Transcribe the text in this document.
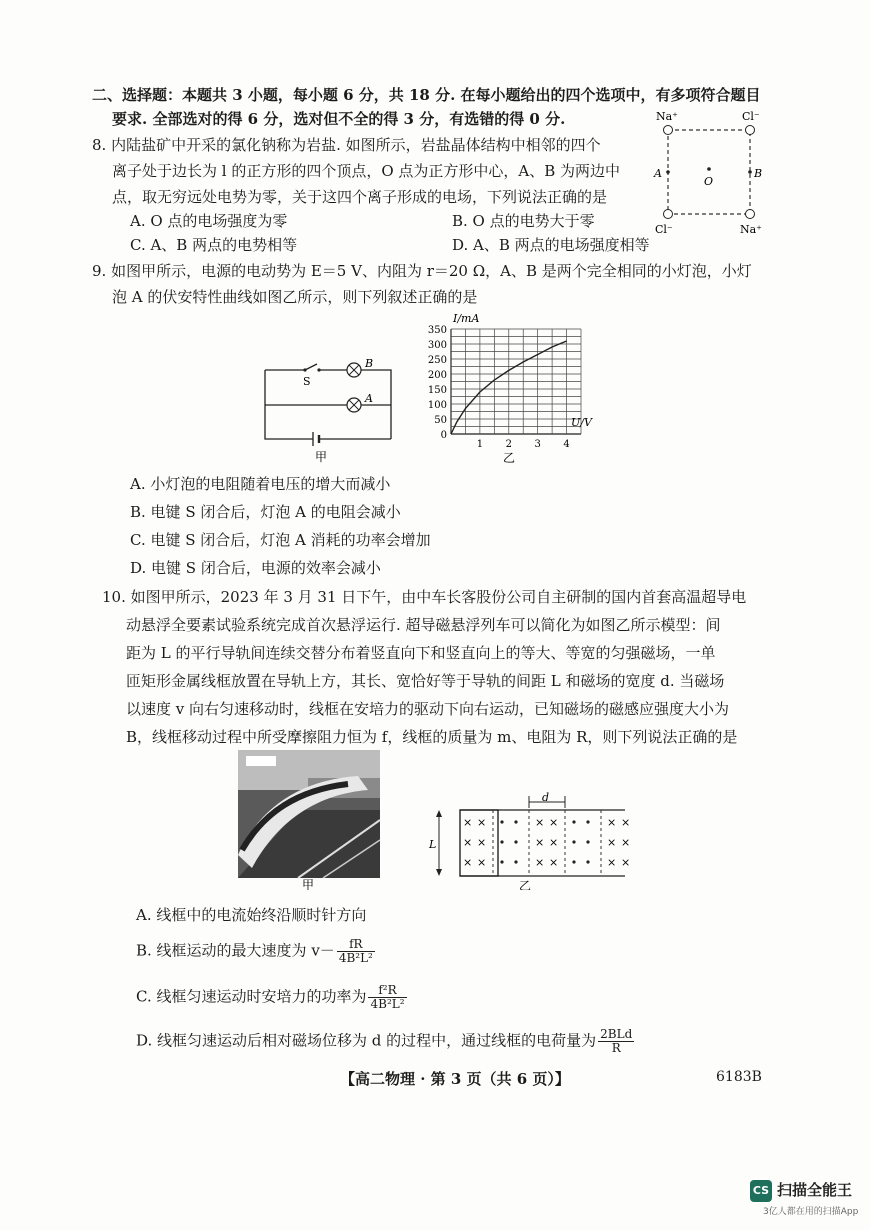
二、选择题：本题共 3 小题，每小题 6 分，共 18 分. 在每小题给出的四个选项中，有多项符合题目
要求. 全部选对的得 6 分，选对但不全的得 3 分，有选错的得 0 分.
8. 内陆盐矿中开采的氯化钠称为岩盐. 如图所示，岩盐晶体结构中相邻的四个
离子处于边长为 l 的正方形的四个顶点，O 点为正方形中心，A、B 为两边中
点，取无穷远处电势为零，关于这四个离子形成的电场，下列说法正确的是
A. O 点的电场强度为零	B. O 点的电势大于零
C. A、B 两点的电势相等	D. A、B 两点的电场强度相等
Na⁺	Cl⁻
Cl⁻	Na⁺
A	B
O
9. 如图甲所示，电源的电动势为 E＝5 V、内阻为 r＝20 Ω，A、B 是两个完全相同的小灯泡，小灯
泡 A 的伏安特性曲线如图乙所示，则下列叙述正确的是
S
B
A
甲
350
300
250
200
150
100
50
0
1 2 3 4
I/mA
U/V
乙
A. 小灯泡的电阻随着电压的增大而减小
B. 电键 S 闭合后，灯泡 A 的电阻会减小
C. 电键 S 闭合后，灯泡 A 消耗的功率会增加
D. 电键 S 闭合后，电源的效率会减小
10. 如图甲所示，2023 年 3 月 31 日下午，由中车长客股份公司自主研制的国内首套高温超导电
动悬浮全要素试验系统完成首次悬浮运行. 超导磁悬浮列车可以简化为如图乙所示模型：间
距为 L 的平行导轨间连续交替分布着竖直向下和竖直向上的等大、等宽的匀强磁场，一单
匝矩形金属线框放置在导轨上方，其长、宽恰好等于导轨的间距 L 和磁场的宽度 d. 当磁场
以速度 v 向右匀速移动时，线框在安培力的驱动下向右运动，已知磁场的磁感应强度大小为
B，线框移动过程中所受摩擦阻力恒为 f，线框的质量为 m、电阻为 R，则下列说法正确的是
甲
× ×
× ×
× ×
× ×
× ×
× ×
× ×
× ×
× ×
L
d
乙
A. 线框中的电流始终沿顺时针方向
B. 线框运动的最大速度为 $v- \frac{fR}{\text{4B²L²}}$
C. 线框匀速运动时安培力的功率为 $\frac{\text{f²R}}{\text{4B²L²}}$
D. 线框匀速运动后相对磁场位移为 d 的过程中，通过线框的电荷量为 $\frac{\text{2BLd}}{R}$
【高二物理 · 第 3 页（共 6 页）】	6183B
CS 扫描全能王
3亿人都在用的扫描App
